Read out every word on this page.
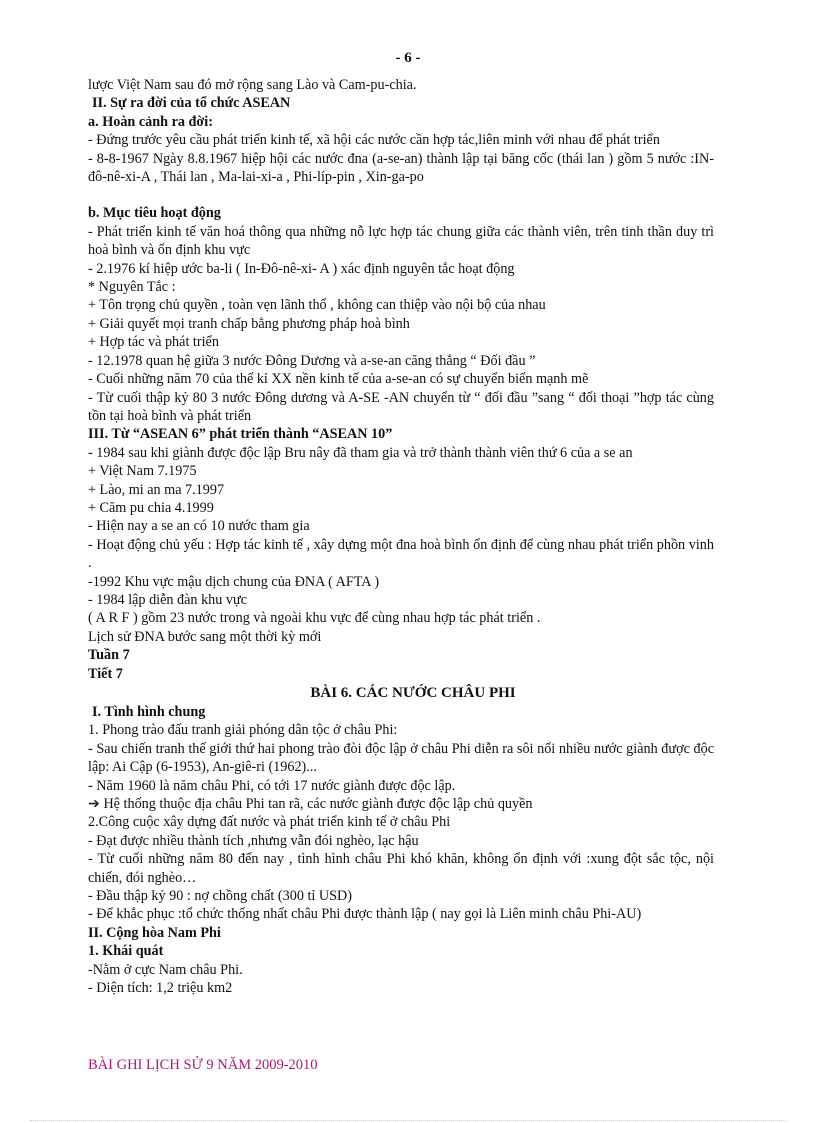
- 6 -

lược Việt Nam sau đó mở rộng sang Lào và Cam-pu-chia.

II. Sự ra đời của tổ chức ASEAN

a. Hoàn cảnh ra đời:

- Đứng trước yêu cầu phát triển kinh tế, xã hội các nước cần hợp tác,liên minh với nhau để phát triển

- 8-8-1967 Ngày 8.8.1967 hiệp hội các nước đna (a-se-an) thành lập tại băng cốc (thái lan ) gồm 5 nước :IN- đô-nê-xi-A , Thái lan , Ma-lai-xi-a , Phi-líp-pin , Xin-ga-po

b. Mục tiêu hoạt động

- Phát triển kinh tế văn hoá thông qua những nỗ lực hợp tác chung giữa các thành viên, trên tinh thần duy trì hoà bình và ổn định khu vực

- 2.1976 kí hiệp ước ba-li ( In-Đô-nê-xi- A ) xác định nguyên tắc hoạt động

* Nguyên Tắc :

+ Tôn trọng chủ quyền , toàn vẹn lãnh thổ , không can thiệp vào nội bộ của nhau

+ Giải quyết mọi tranh chấp bằng phương pháp hoà bình

+ Hợp tác và phát triển

- 12.1978 quan hệ giữa 3 nước Đông Dương và a-se-an căng thẳng “ Đối đầu ”

- Cuối những năm 70 của thế kỉ XX nền kinh tế của a-se-an có sự chuyển biến mạnh mẽ

- Từ cuối thập kỷ 80 3 nước Đông dương và A-SE -AN chuyển từ “ đối đầu ”sang “ đối thoại ”hợp tác cùng tồn tại hoà bình và phát triển

III. Từ “ASEAN 6” phát triển thành “ASEAN 10”

- 1984 sau khi giành được độc lập Bru nây đã tham gia và trở thành thành viên thứ 6 của a se an

+ Việt Nam 7.1975

+ Lào, mi an ma 7.1997

+ Căm pu chia 4.1999

- Hiện nay a se an có 10 nước tham gia

- Hoạt động chủ yếu : Hợp tác kinh tế , xây dựng một đna hoà bình ổn định để cùng nhau phát triển phồn vinh .

-1992 Khu vực mậu dịch chung của ĐNA ( AFTA )

- 1984 lập diễn đàn khu vực

( A R F ) gồm 23 nước trong và ngoài khu vực để cùng nhau hợp tác phát triển .

Lịch sử ĐNA bước sang một thời kỳ mới

Tuần 7

Tiết 7

BÀI 6. CÁC NƯỚC CHÂU PHI

I. Tình hình chung

1. Phong trào đấu tranh giải phóng dân tộc ở châu Phi:

- Sau chiến tranh thế giới thứ hai phong trào đòi độc lập ở châu Phi diễn ra sôi nổi nhiều nước giành được độc lập: Ai Cập (6-1953), An-giê-ri (1962)...

- Năm 1960 là năm châu Phi, có tới 17 nước giành được độc lập.

➔ Hệ thống thuộc địa châu Phi tan rã, các nước giành được độc lập chủ quyền

2.Công cuộc xây dựng đất nước và phát triển kinh tế ở châu Phi

- Đạt được nhiều thành tích ,nhưng vẫn đói nghèo, lạc hậu

- Từ cuối những năm 80 đến nay , tình hình châu Phi khó khăn, không ổn định với :xung đột sắc tộc, nội chiến, đói nghèo…

- Đầu thập kỷ 90 : nợ chồng chất (300 tỉ USD)

- Để khắc phục :tổ chức thống nhất châu Phi được thành lập ( nay gọi là Liên minh châu Phi-AU)

II. Cộng hòa Nam Phi

1. Khái quát

-Nằm ở cực Nam châu Phi.

- Diện tích: 1,2 triệu km2

BÀI GHI LỊCH SỬ 9 NĂM 2009-2010
